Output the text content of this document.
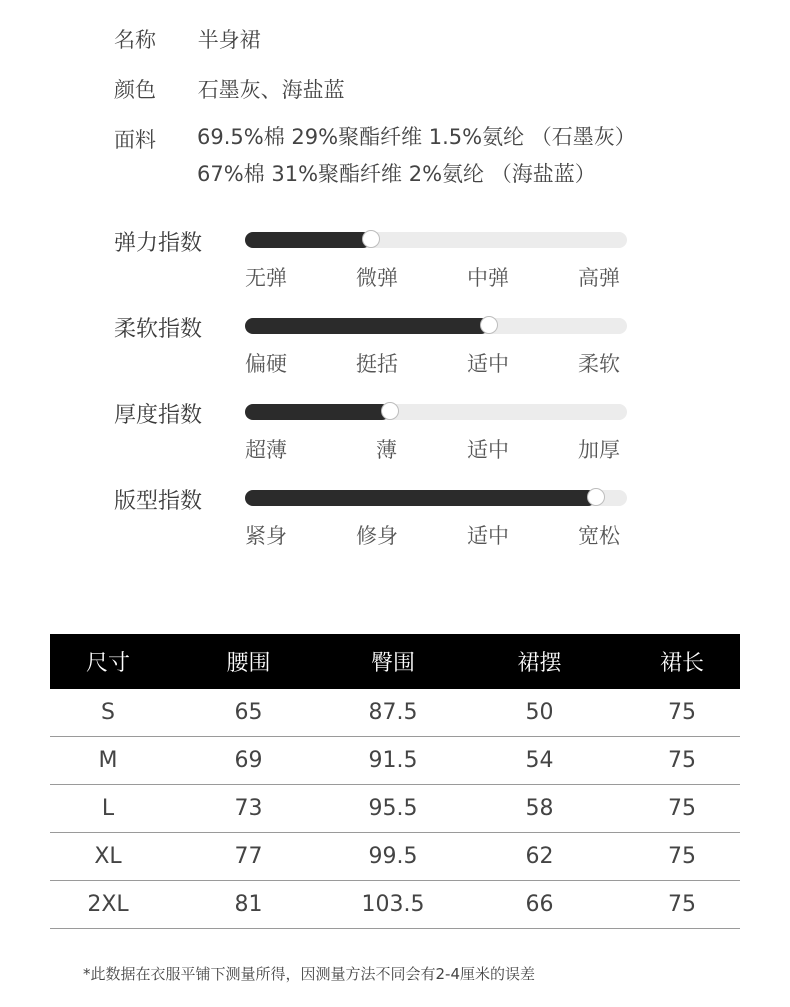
名称 半身裙
颜色 石墨灰、海盐蓝
面料 69.5%棉 29%聚酯纤维 1.5%氨纶 （石墨灰）
67%棉 31%聚酯纤维 2%氨纶 （海盐蓝）
弹力指数
无弹	微弹	中弹	高弹
柔软指数
偏硬	挺括	适中	柔软
厚度指数
超薄	薄	适中	加厚
版型指数
紧身	修身	适中	宽松
尺寸	腰围	臀围	裙摆	裙长
S	65	87.5	50	75
M	69	91.5	54	75
L	73	95.5	58	75
XL	77	99.5	62	75
2XL	81	103.5	66	75
*此数据在衣服平铺下测量所得，因测量方法不同会有2-4厘米的误差
